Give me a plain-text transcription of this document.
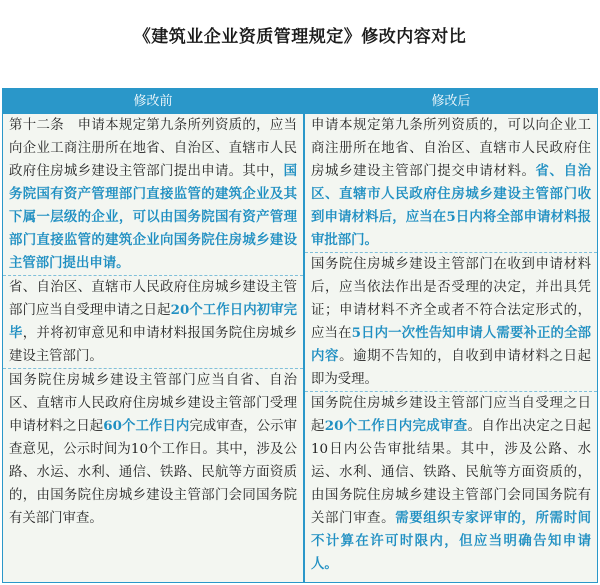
《建筑业企业资质管理规定》修改内容对比
修改前	修改后

第十二条　申请本规定第九条所列资质的，应当向企业工商注册所在地省、自治区、直辖市人民政府住房城乡建设主管部门提出申请。其中，国务院国有资产管理部门直接监管的建筑企业及其下属一层级的企业，可以由国务院国有资产管理部门直接监管的建筑企业向国务院住房城乡建设主管部门提出申请。

省、自治区、直辖市人民政府住房城乡建设主管部门应当自受理申请之日起20个工作日内初审完毕，并将初审意见和申请材料报国务院住房城乡建设主管部门。

国务院住房城乡建设主管部门应当自省、自治区、直辖市人民政府住房城乡建设主管部门受理申请材料之日起60个工作日内完成审查，公示审查意见，公示时间为10个工作日。其中，涉及公路、水运、水利、通信、铁路、民航等方面资质的，由国务院住房城乡建设主管部门会同国务院有关部门审查。

申请本规定第九条所列资质的，可以向企业工商注册所在地省、自治区、直辖市人民政府住房城乡建设主管部门提交申请材料。省、自治区、直辖市人民政府住房城乡建设主管部门收到申请材料后，应当在5日内将全部申请材料报审批部门。

国务院住房城乡建设主管部门在收到申请材料后，应当依法作出是否受理的决定，并出具凭证；申请材料不齐全或者不符合法定形式的，应当在5日内一次性告知申请人需要补正的全部内容。逾期不告知的，自收到申请材料之日起即为受理。

国务院住房城乡建设主管部门应当自受理之日起20个工作日内完成审查。自作出决定之日起10日内公告审批结果。其中，涉及公路、水运、水利、通信、铁路、民航等方面资质的，由国务院住房城乡建设主管部门会同国务院有关部门审查。需要组织专家评审的，所需时间不计算在许可时限内，但应当明确告知申请人。
